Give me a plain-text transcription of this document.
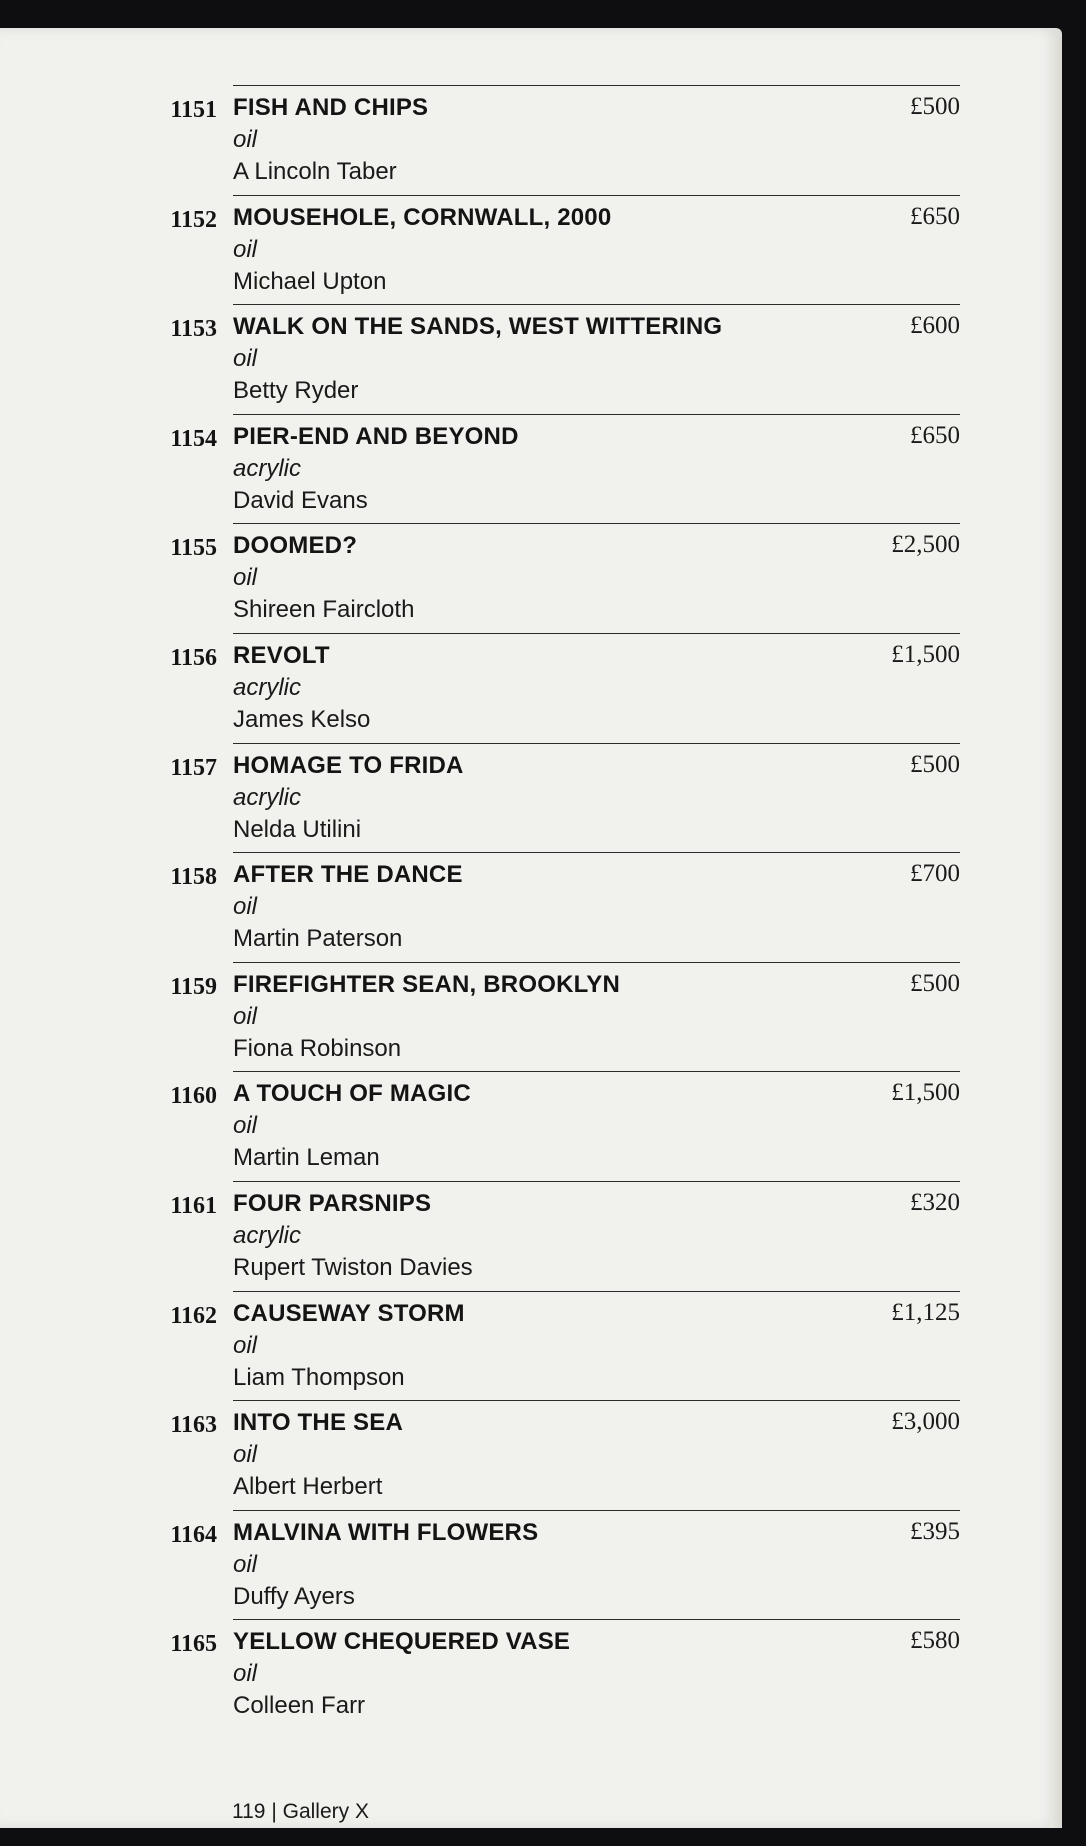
1151 FISH AND CHIPS
oil
A Lincoln Taber
£500
1152 MOUSEHOLE, CORNWALL, 2000
oil
Michael Upton
£650
1153 WALK ON THE SANDS, WEST WITTERING
oil
Betty Ryder
£600
1154 PIER-END AND BEYOND
acrylic
David Evans
£650
1155 DOOMED?
oil
Shireen Faircloth
£2,500
1156 REVOLT
acrylic
James Kelso
£1,500
1157 HOMAGE TO FRIDA
acrylic
Nelda Utilini
£500
1158 AFTER THE DANCE
oil
Martin Paterson
£700
1159 FIREFIGHTER SEAN, BROOKLYN
oil
Fiona Robinson
£500
1160 A TOUCH OF MAGIC
oil
Martin Leman
£1,500
1161 FOUR PARSNIPS
acrylic
Rupert Twiston Davies
£320
1162 CAUSEWAY STORM
oil
Liam Thompson
£1,125
1163 INTO THE SEA
oil
Albert Herbert
£3,000
1164 MALVINA WITH FLOWERS
oil
Duffy Ayers
£395
1165 YELLOW CHEQUERED VASE
oil
Colleen Farr
£580
119 | Gallery X
